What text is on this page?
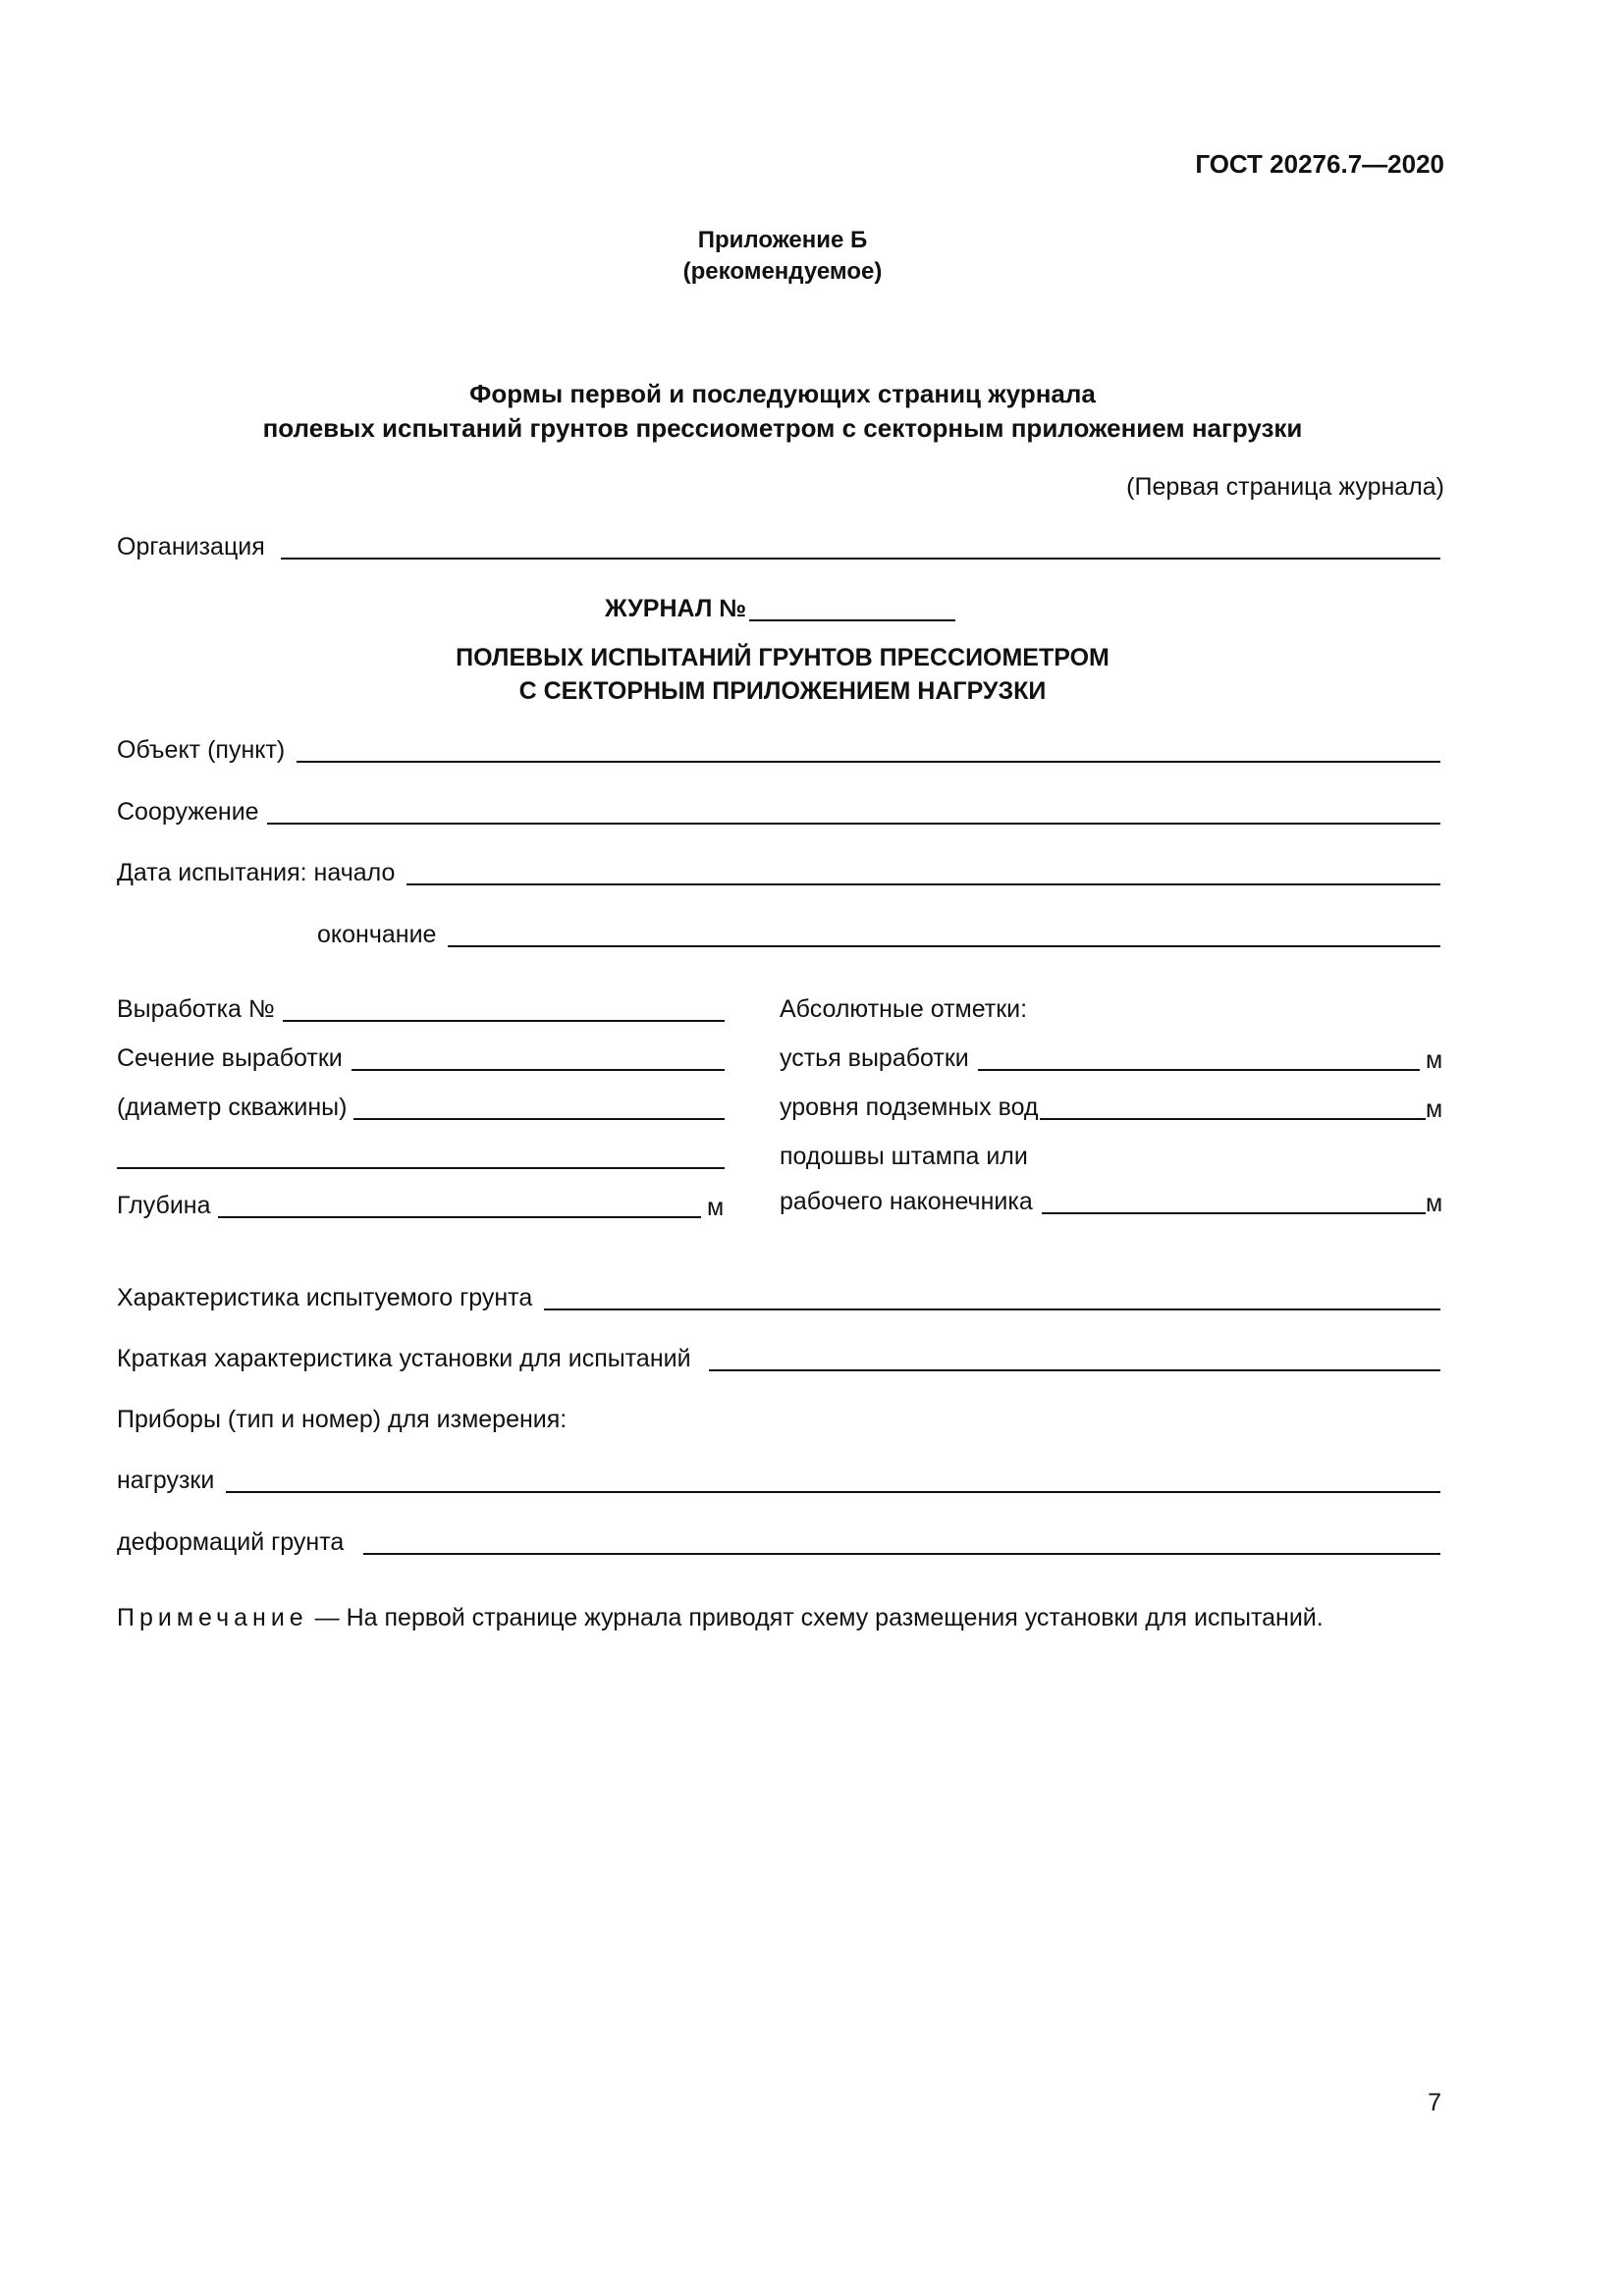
ГОСТ 20276.7—2020
Приложение Б
(рекомендуемое)
Формы первой и последующих страниц журнала
полевых испытаний грунтов прессиометром с секторным приложением нагрузки
(Первая страница журнала)
Организация
ЖУРНАЛ №
ПОЛЕВЫХ ИСПЫТАНИЙ ГРУНТОВ ПРЕССИОМЕТРОМ
С СЕКТОРНЫМ ПРИЛОЖЕНИЕМ НАГРУЗКИ
Объект (пункт)
Сооружение
Дата испытания: начало
окончание
Выработка №
Сечение выработки
(диаметр скважины)
Глубина	м
Абсолютные отметки:
устья выработки	м
уровня подземных вод	м
подошвы штампа или
рабочего наконечника	м
Характеристика испытуемого грунта
Краткая характеристика установки для испытаний
Приборы (тип и номер) для измерения:
нагрузки
деформаций грунта
Примечание — На первой странице журнала приводят схему размещения установки для испытаний.
7
